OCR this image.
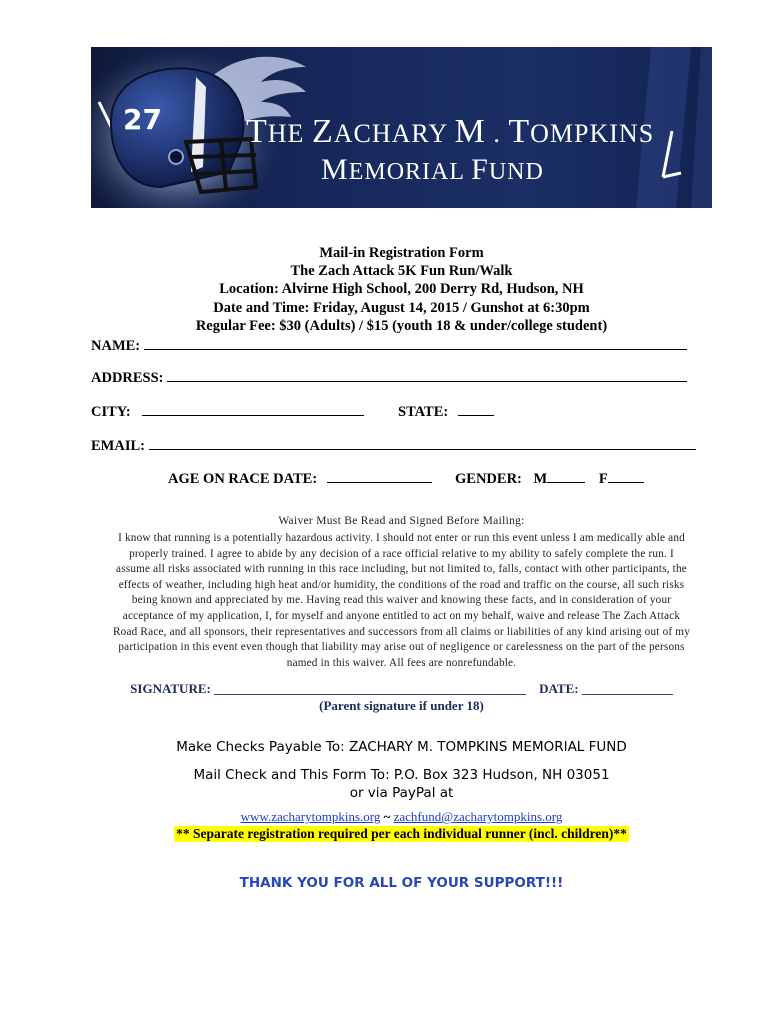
27 THE ZACHARY M . TOMPKINS
MEMORIAL FUND
Mail-in Registration Form
The Zach Attack 5K Fun Run/Walk
Location: Alvirne High School, 200 Derry Rd, Hudson, NH
Date and Time: Friday, August 14, 2015 / Gunshot at 6:30pm
Regular Fee: $30 (Adults) / $15 (youth 18 & under/college student)
NAME:
ADDRESS:
CITY:	STATE:
EMAIL:
AGE ON RACE DATE:	GENDER: M	F
Waiver Must Be Read and Signed Before Mailing:
I know that running is a potentially hazardous activity. I should not enter or run this event unless I am medically able and
properly trained. I agree to abide by any decision of a race official relative to my ability to safely complete the run. I
assume all risks associated with running in this race including, but not limited to, falls, contact with other participants, the
effects of weather, including high heat and/or humidity, the conditions of the road and traffic on the course, all such risks
being known and appreciated by me. Having read this waiver and knowing these facts, and in consideration of your
acceptance of my application, I, for myself and anyone entitled to act on my behalf, waive and release The Zach Attack
Road Race, and all sponsors, their representatives and successors from all claims or liabilities of any kind arising out of my
participation in this event even though that liability may arise out of negligence or carelessness on the part of the persons
named in this waiver. All fees are nonrefundable.
SIGNATURE: ________________________________________________ DATE: ______________
(Parent signature if under 18)
Make Checks Payable To: ZACHARY M. TOMPKINS MEMORIAL FUND
Mail Check and This Form To: P.O. Box 323 Hudson, NH 03051
or via PayPal at
www.zacharytompkins.org ~ zachfund@zacharytompkins.org
** Separate registration required per each individual runner (incl. children)**
THANK YOU FOR ALL OF YOUR SUPPORT!!!
